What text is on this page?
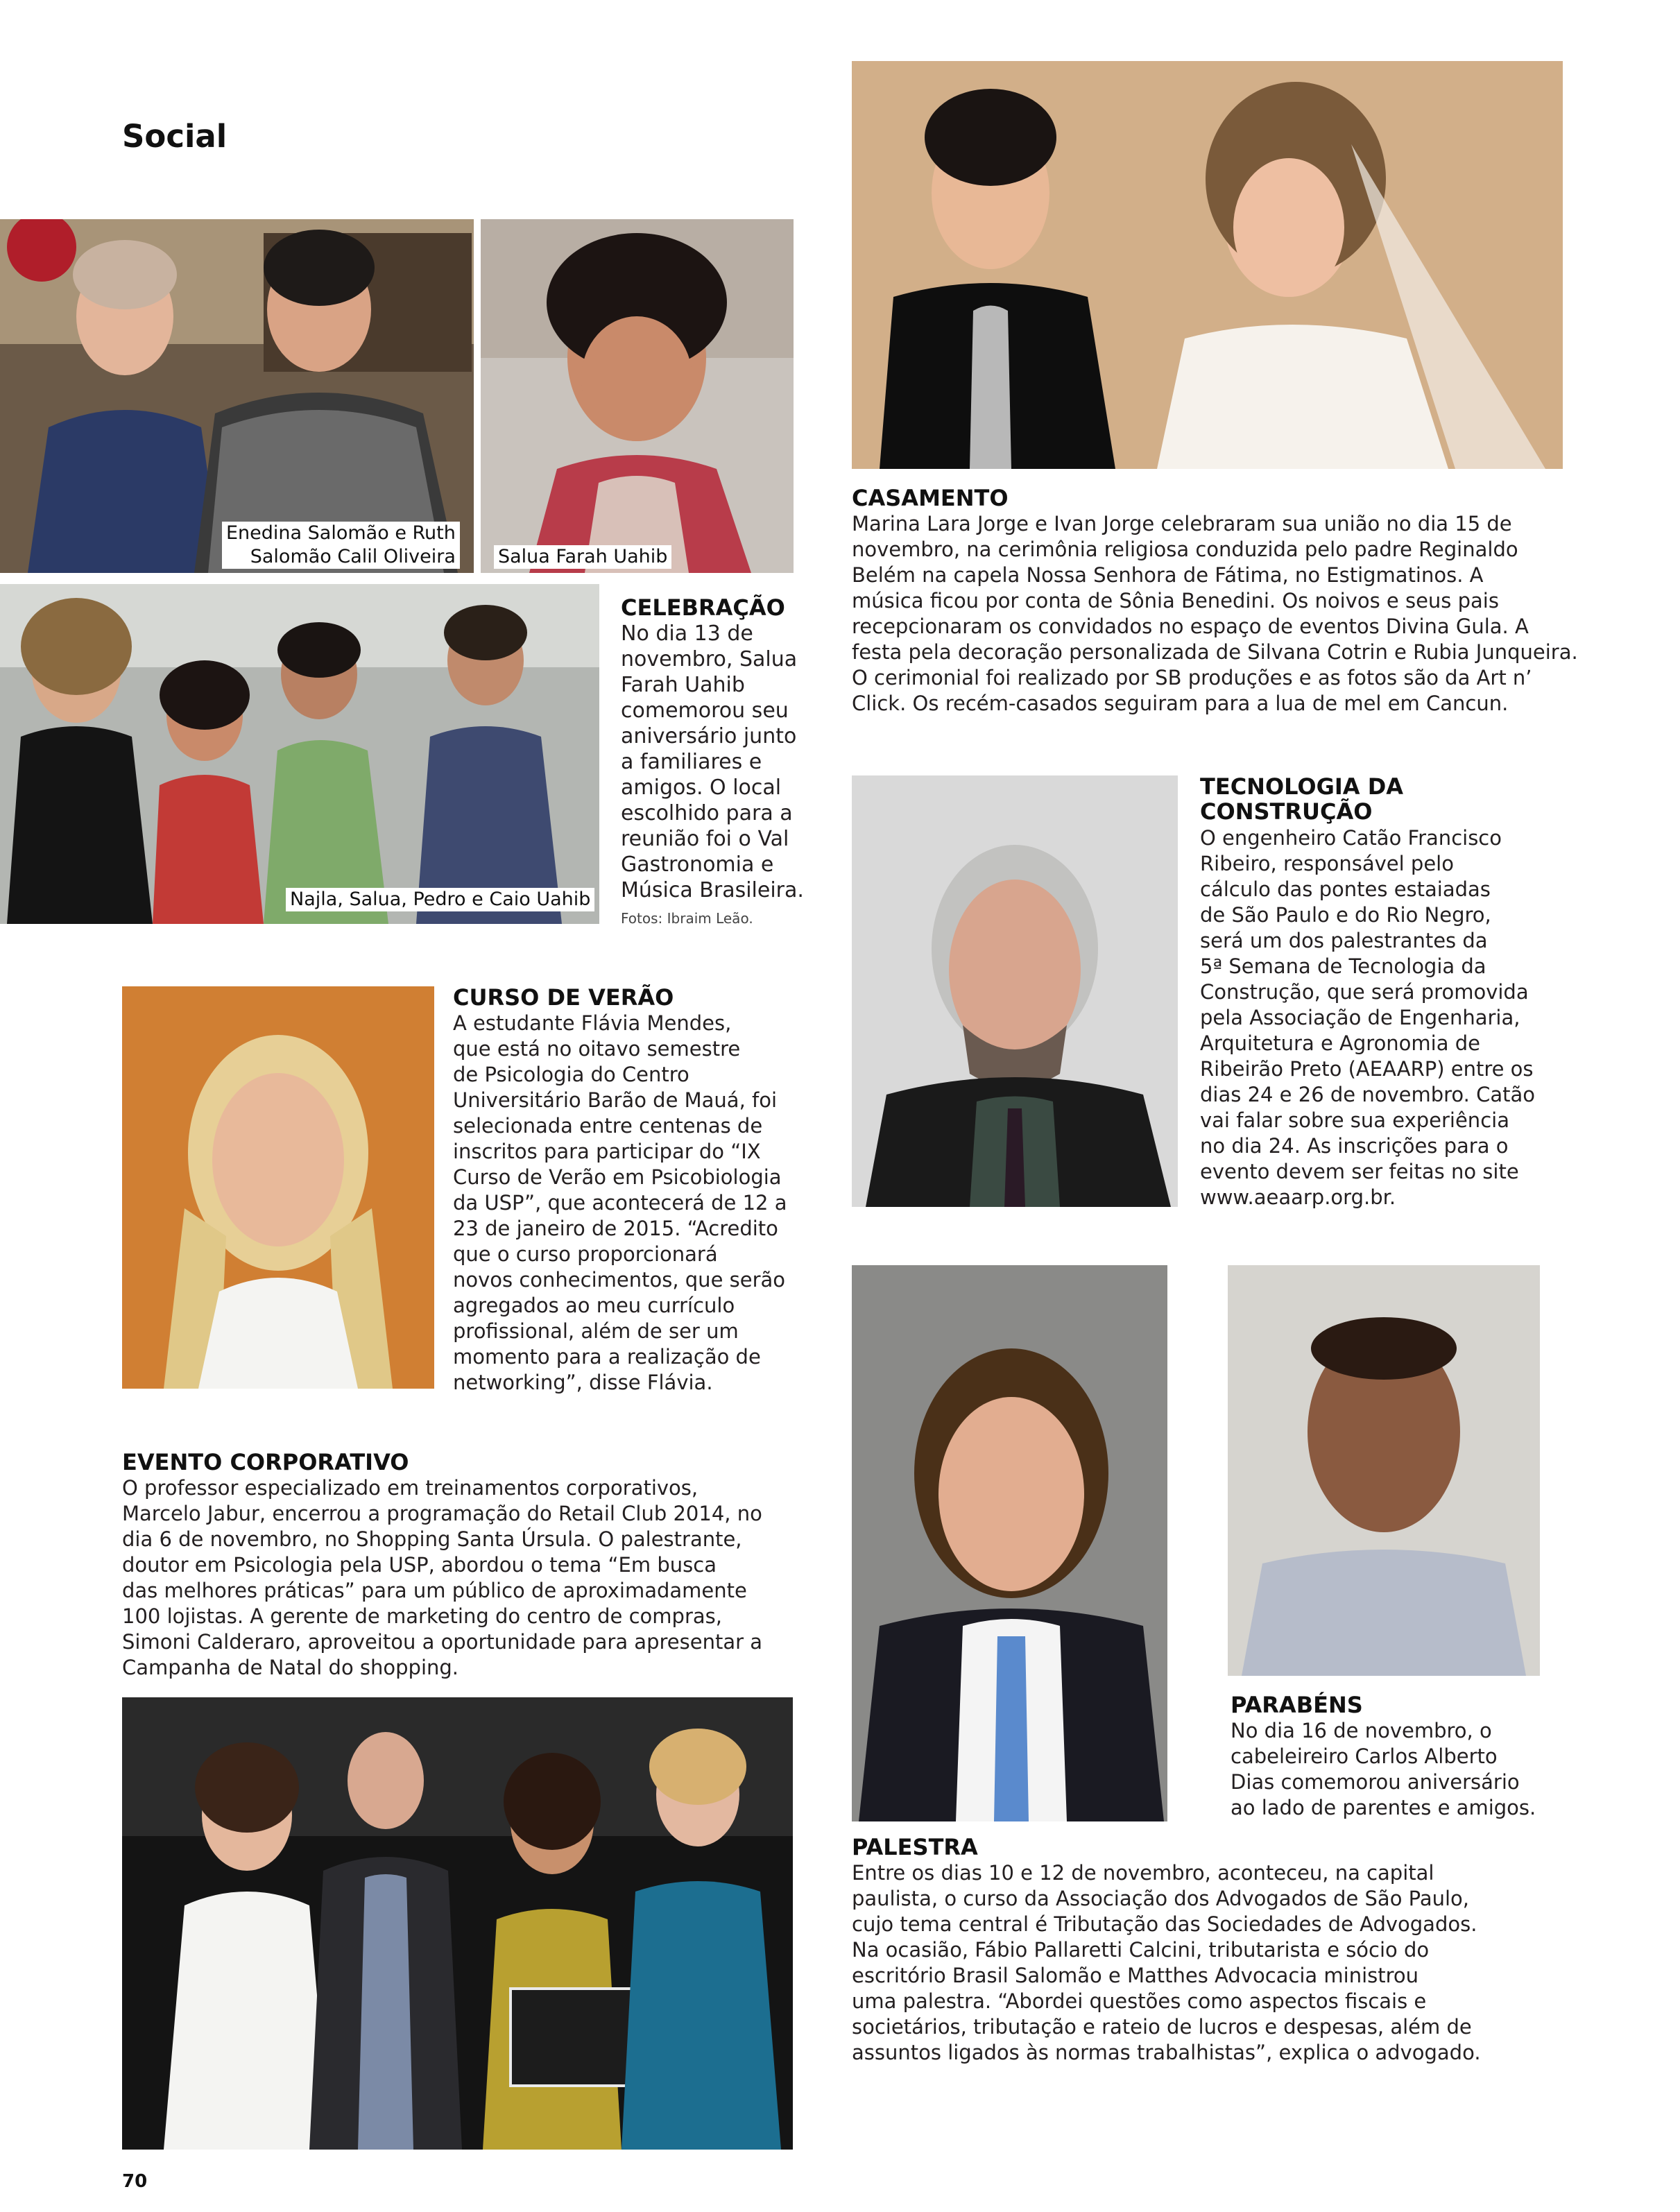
Social
Enedina Salomão e Ruth
Salomão Calil Oliveira Salua Farah Uahib
Najla, Salua, Pedro e Caio Uahib
CELEBRAÇÃO

No dia 13 de
novembro, Salua
Farah Uahib
comemorou seu
aniversário junto
a familiares e
amigos. O local
escolhido para a
reunião foi o Val
Gastronomia e
Música Brasileira.

Fotos: Ibraim Leão.
CURSO DE VERÃO

A estudante Flávia Mendes,
que está no oitavo semestre
de Psicologia do Centro
Universitário Barão de Mauá, foi
selecionada entre centenas de
inscritos para participar do “IX
Curso de Verão em Psicobiologia
da USP”, que acontecerá de 12 a
23 de janeiro de 2015. “Acredito
que o curso proporcionará
novos conhecimentos, que serão
agregados ao meu currículo
profissional, além de ser um
momento para a realização de
networking”, disse Flávia.

EVENTO CORPORATIVO

O professor especializado em treinamentos corporativos,
Marcelo Jabur, encerrou a programação do Retail Club 2014, no
dia 6 de novembro, no Shopping Santa Úrsula. O palestrante,
doutor em Psicologia pela USP, abordou o tema “Em busca
das melhores práticas” para um público de aproximadamente
100 lojistas. A gerente de marketing do centro de compras,
Simoni Calderaro, aproveitou a oportunidade para apresentar a
Campanha de Natal do shopping.

CASAMENTO

Marina Lara Jorge e Ivan Jorge celebraram sua união no dia 15 de
novembro, na cerimônia religiosa conduzida pelo padre Reginaldo
Belém na capela Nossa Senhora de Fátima, no Estigmatinos. A
música ficou por conta de Sônia Benedini. Os noivos e seus pais
recepcionaram os convidados no espaço de eventos Divina Gula. A
festa pela decoração personalizada de Silvana Cotrin e Rubia Junqueira.
O cerimonial foi realizado por SB produções e as fotos são da Art n’
Click. Os recém-casados seguiram para a lua de mel em Cancun.

TECNOLOGIA DA
CONSTRUÇÃO

O engenheiro Catão Francisco
Ribeiro, responsável pelo
cálculo das pontes estaiadas
de São Paulo e do Rio Negro,
será um dos palestrantes da
5ª Semana de Tecnologia da
Construção, que será promovida
pela Associação de Engenharia,
Arquitetura e Agronomia de
Ribeirão Preto (AEAARP) entre os
dias 24 e 26 de novembro. Catão
vai falar sobre sua experiência
no dia 24. As inscrições para o
evento devem ser feitas no site
www.aeaarp.org.br.

PARABÉNS

No dia 16 de novembro, o
cabeleireiro Carlos Alberto
Dias comemorou aniversário
ao lado de parentes e amigos.

PALESTRA

Entre os dias 10 e 12 de novembro, aconteceu, na capital
paulista, o curso da Associação dos Advogados de São Paulo,
cujo tema central é Tributação das Sociedades de Advogados.
Na ocasião, Fábio Pallaretti Calcini, tributarista e sócio do
escritório Brasil Salomão e Matthes Advocacia ministrou
uma palestra. “Abordei questões como aspectos fiscais e
societários, tributação e rateio de lucros e despesas, além de
assuntos ligados às normas trabalhistas”, explica o advogado.

70
